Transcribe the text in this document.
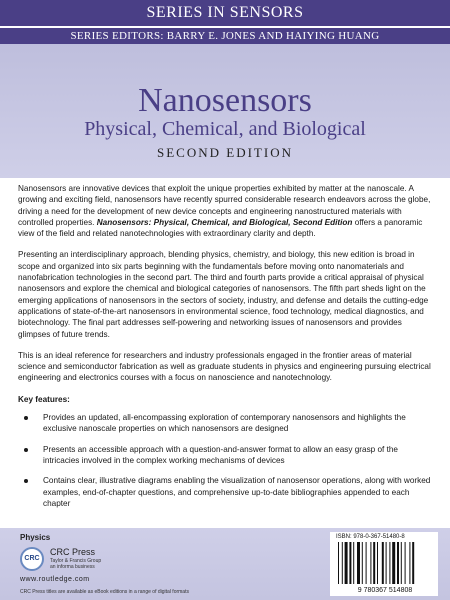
SERIES IN SENSORS
SERIES EDITORS: BARRY E. JONES AND HAIYING HUANG
Nanosensors
Physical, Chemical, and Biological
SECOND EDITION

Nanosensors are innovative devices that exploit the unique properties exhibited by matter at the nanoscale. A growing and exciting field, nanosensors have recently spurred considerable research endeavors across the globe, driving a need for the development of new device concepts and engineering nanostructured materials with controlled properties. Nanosensors: Physical, Chemical, and Biological, Second Edition offers a panoramic view of the field and related nanotechnologies with extraordinary clarity and depth.

Presenting an interdisciplinary approach, blending physics, chemistry, and biology, this new edition is broad in scope and organized into six parts beginning with the fundamentals before moving onto nanomaterials and nanofabrication technologies in the second part. The third and fourth parts provide a critical appraisal of physical nanosensors and explore the chemical and biological categories of nanosensors. The fifth part sheds light on the emerging applications of nanosensors in the sectors of society, industry, and defense and details the cutting-edge applications of state-of-the-art nanosensors in environmental science, food technology, medical diagnostics, and biotechnology. The final part addresses self-powering and networking issues of nanosensors and provides glimpses of future trends.

This is an ideal reference for researchers and industry professionals engaged in the frontier areas of material science and semiconductor fabrication as well as graduate students in physics and engineering pursuing electrical engineering and electronics courses with a focus on nanoscience and nanotechnology.

Key features:
Provides an updated, all-encompassing exploration of contemporary nanosensors and highlights the exclusive nanoscale properties on which nanosensors are designed
Presents an accessible approach with a question-and-answer format to allow an easy grasp of the intricacies involved in the complex working mechanisms of devices
Contains clear, illustrative diagrams enabling the visualization of nanosensor operations, along with worked examples, end-of-chapter questions, and comprehensive up-to-date bibliographies appended to each chapter
Physics
CRC
CRC Press
Taylor & Francis Group
an informa business
www.routledge.com
CRC Press titles are available as eBook editions in a range of digital formats
ISBN: 978-0-367-51480-8
9 780367 514808
